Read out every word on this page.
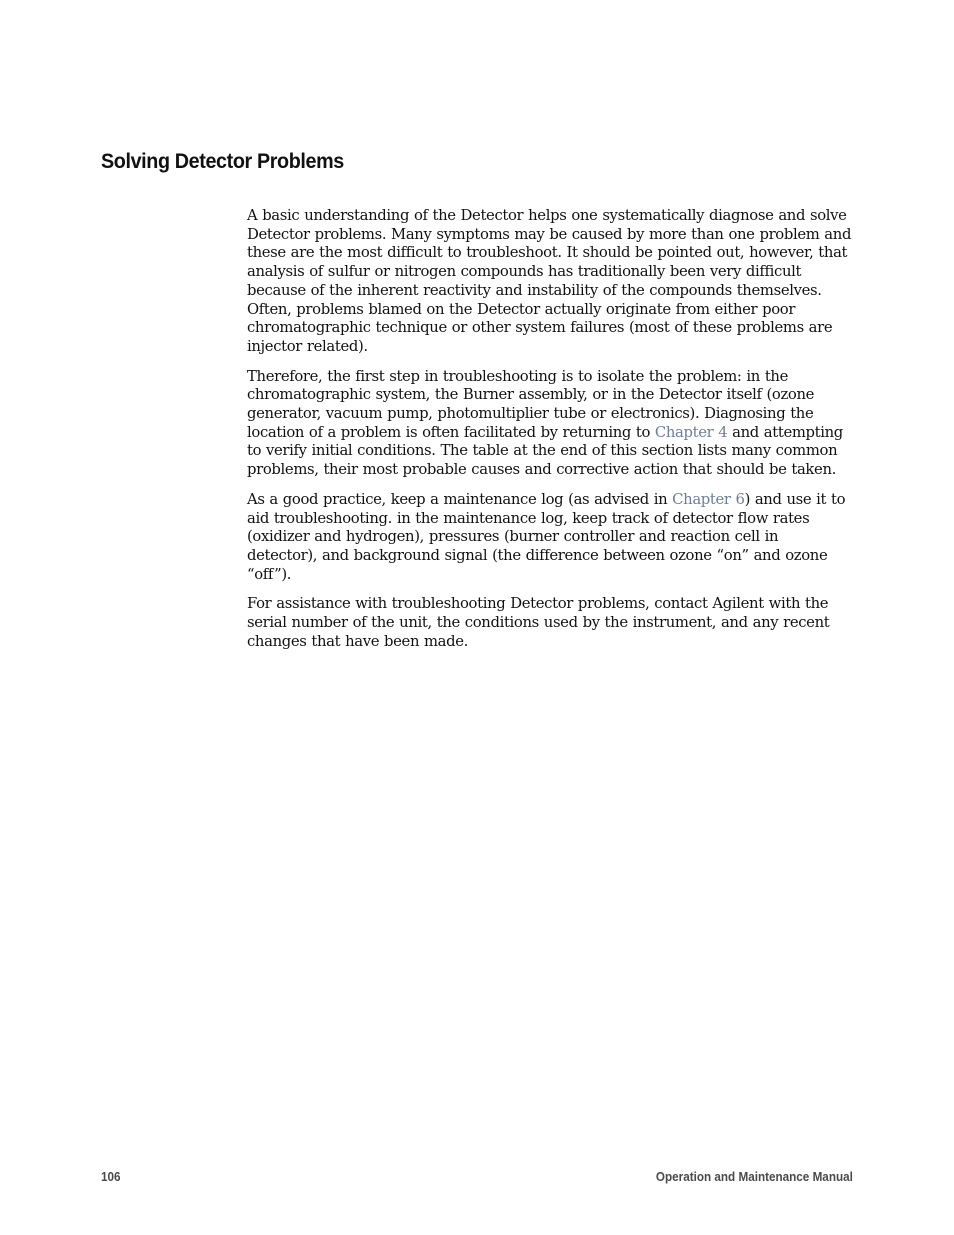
Solving Detector Problems

A basic understanding of the Detector helps one systematically diagnose and solve Detector problems. Many symptoms may be caused by more than one problem and these are the most difficult to troubleshoot. It should be pointed out, however, that analysis of sulfur or nitrogen compounds has traditionally been very difficult because of the inherent reactivity and instability of the compounds themselves. Often, problems blamed on the Detector actually originate from either poor chromatographic technique or other system failures (most of these problems are injector related).

Therefore, the first step in troubleshooting is to isolate the problem: in the chromatographic system, the Burner assembly, or in the Detector itself (ozone generator, vacuum pump, photomultiplier tube or electronics). Diagnosing the location of a problem is often facilitated by returning to Chapter 4 and attempting to verify initial conditions. The table at the end of this section lists many common problems, their most probable causes and corrective action that should be taken.

As a good practice, keep a maintenance log (as advised in Chapter 6) and use it to aid troubleshooting. in the maintenance log, keep track of detector flow rates (oxidizer and hydrogen), pressures (burner controller and reaction cell in detector), and background signal (the difference between ozone “on” and ozone “off”).

For assistance with troubleshooting Detector problems, contact Agilent with the serial number of the unit, the conditions used by the instrument, and any recent changes that have been made.

106	Operation and Maintenance Manual
